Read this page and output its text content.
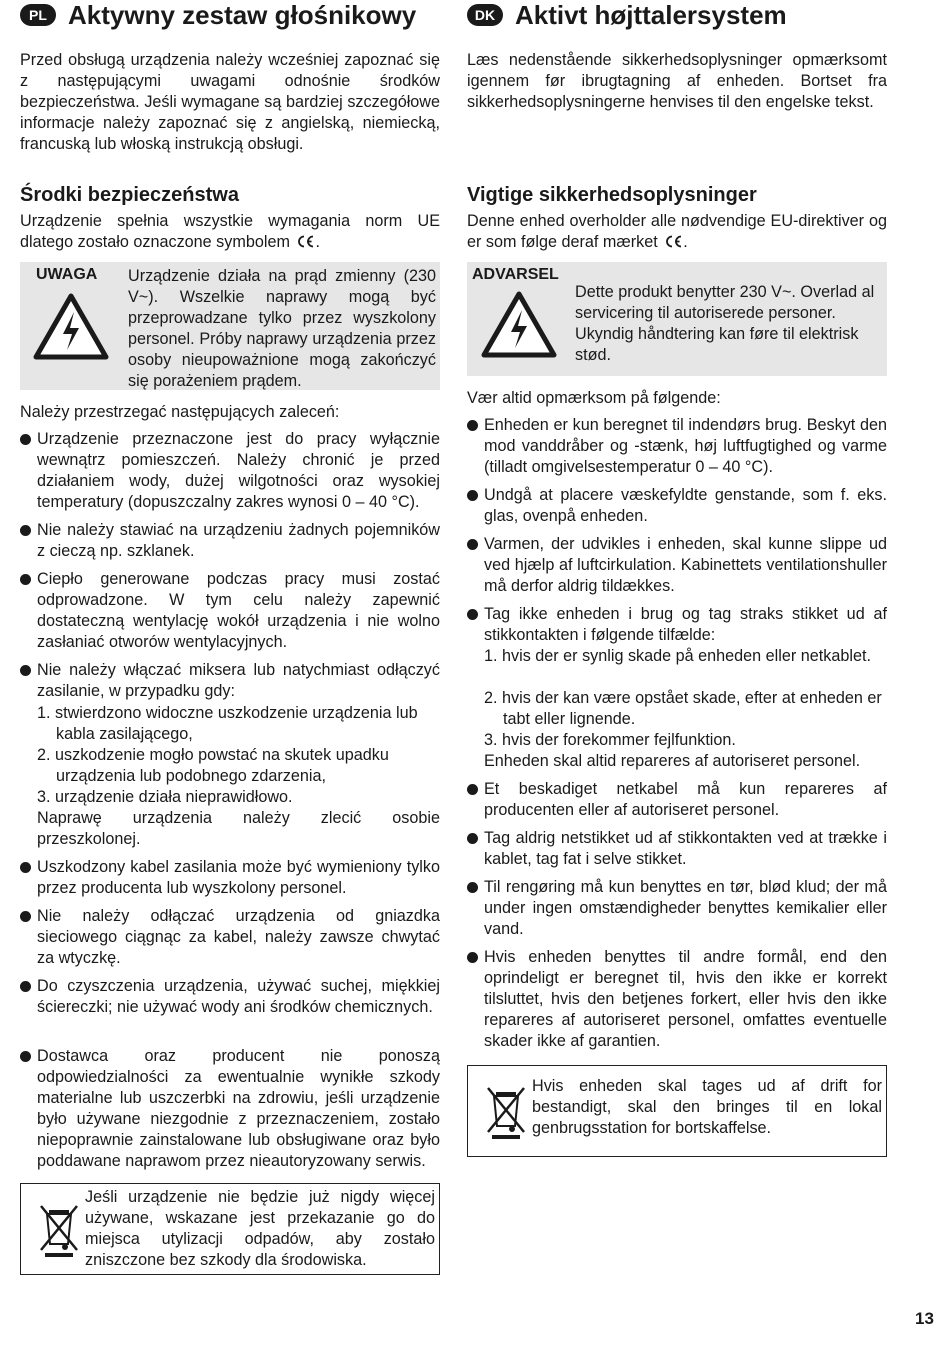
PL Aktywny zestaw głośnikowy
Przed obsługą urządzenia należy wcześniej zapoznać się z następującymi uwagami odnośnie środków bezpieczeństwa. Jeśli wymagane są bardziej szczegółowe informacje należy zapoznać się z angielską, niemiecką, francuską lub włoską instrukcją obsługi.
Środki bezpieczeństwa
Urządzenie spełnia wszystkie wymagania norm UE dlatego zostało oznaczone symbolem .
UWAGA Urządzenie działa na prąd zmienny (230 V~). Wszelkie naprawy mogą być przeprowadzane tylko przez wyszkolony personel. Próby naprawy urządzenia przez osoby nieupoważnione mogą zakończyć się porażeniem prądem.
Należy przestrzegać następujących zaleceń:
Urządzenie przeznaczone jest do pracy wyłącznie wewnątrz pomieszczeń. Należy chronić je przed działaniem wody, dużej wilgotności oraz wysokiej temperatury (dopuszczalny zakres wynosi 0 – 40 °C).
Nie należy stawiać na urządzeniu żadnych pojemników z cieczą np. szklanek.
Ciepło generowane podczas pracy musi zostać odprowadzone. W tym celu należy zapewnić dostateczną wentylację wokół urządzenia i nie wolno zasłaniać otworów wentylacyjnych.
Nie należy włączać miksera lub natychmiast odłączyć zasilanie, w przypadku gdy:
Uszkodzony kabel zasilania może być wymieniony tylko przez producenta lub wyszkolony personel.
Nie należy odłączać urządzenia od gniazdka sieciowego ciągnąc za kabel, należy zawsze chwytać za wtyczkę.
Do czyszczenia urządzenia, używać suchej, miękkiej ściereczki; nie używać wody ani środków chemicznych.
Dostawca oraz producent nie ponoszą odpowiedzialności za ewentualnie wynikłe szkody materialne lub uszczerbki na zdrowiu, jeśli urządzenie było używane niezgodnie z przeznaczeniem, zostało niepoprawnie zainstalowane lub obsługiwane oraz było poddawane naprawom przez nieautoryzowany serwis.
1. stwierdzono widoczne uszkodzenie urządzenia lub kabla zasilającego,
2. uszkodzenie mogło powstać na skutek upadku urządzenia lub podobnego zdarzenia,
3. urządzenie działa nieprawidłowo.
Naprawę urządzenia należy zlecić osobie przeszkolonej.
Jeśli urządzenie nie będzie już nigdy więcej używane, wskazane jest przekazanie go do miejsca utylizacji odpadów, aby zostało zniszczone bez szkody dla środowiska.
DK Aktivt højttalersystem
Læs nedenstående sikkerhedsoplysninger opmærksomt igennem før ibrugtagning af enheden. Bortset fra sikkerhedsoplysningerne henvises til den engelske tekst.
Vigtige sikkerhedsoplysninger
Denne enhed overholder alle nødvendige EU-direktiver og er som følge deraf mærket .
ADVARSEL
Dette produkt benytter 230 V~. Overlad al servicering til autoriserede personer. Ukyndig håndtering kan føre til elektrisk stød.
Vær altid opmærksom på følgende:
Enheden er kun beregnet til indendørs brug. Beskyt den mod vanddråber og -stænk, høj luftfugtighed og varme (tilladt omgivelsestemperatur 0 – 40 °C).
Undgå at placere væskefyldte genstande, som f. eks. glas, ovenpå enheden.
Varmen, der udvikles i enheden, skal kunne slippe ud ved hjælp af luftcirkulation. Kabinettets ventilationshuller må derfor aldrig tildækkes.
Tag ikke enheden i brug og tag straks stikket ud af stikkontakten i følgende tilfælde:
Et beskadiget netkabel må kun repareres af producenten eller af autoriseret personel.
Tag aldrig netstikket ud af stikkontakten ved at trække i kablet, tag fat i selve stikket.
Til rengøring må kun benyttes en tør, blød klud; der må under ingen omstændigheder benyttes kemikalier eller vand.
Hvis enheden benyttes til andre formål, end den oprindeligt er beregnet til, hvis den ikke er korrekt tilsluttet, hvis den betjenes forkert, eller hvis den ikke repareres af autoriseret personel, omfattes eventuelle skader ikke af garantien.
1. hvis der er synlig skade på enheden eller netkablet.
2. hvis der kan være opstået skade, efter at enheden er tabt eller lignende.
3. hvis der forekommer fejlfunktion.
Enheden skal altid repareres af autoriseret personel.
Hvis enheden skal tages ud af drift for bestandigt, skal den bringes til en lokal genbrugsstation for bortskaffelse.
13
